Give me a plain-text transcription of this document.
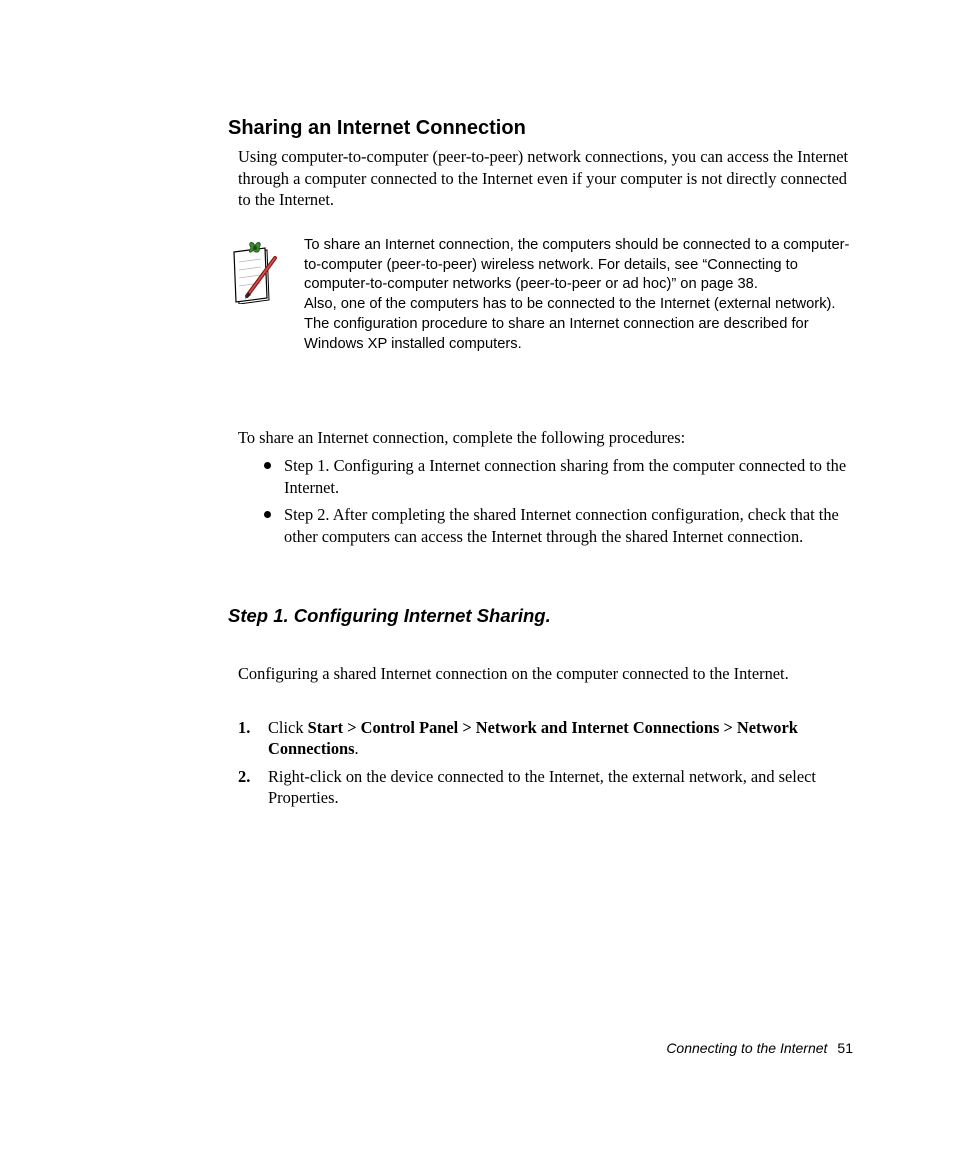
Sharing an Internet Connection

Using computer-to-computer (peer-to-peer) network connections, you can access the Internet through a computer connected to the Internet even if your computer is not directly connected to the Internet.

To share an Internet connection, the computers should be connected to a computer-to-computer (peer-to-peer) wireless network. For details, see “Connecting to computer-to-computer networks (peer-to-peer or ad hoc)” on page 38.

Also, one of the computers has to be connected to the Internet (external network).

The configuration procedure to share an Internet connection are described for Windows XP installed computers.

To share an Internet connection, complete the following procedures:

Step 1. Configuring a Internet connection sharing from the computer connected to the Internet.
Step 2. After completing the shared Internet connection configuration, check that the other computers can access the Internet through the shared Internet connection.
Step 1. Configuring Internet Sharing.

Configuring a shared Internet connection on the computer connected to the Internet.

1. Click Start > Control Panel > Network and Internet Connections > Network Connections.
2. Right-click on the device connected to the Internet, the external network, and select Properties.
Connecting to the Internet 51
